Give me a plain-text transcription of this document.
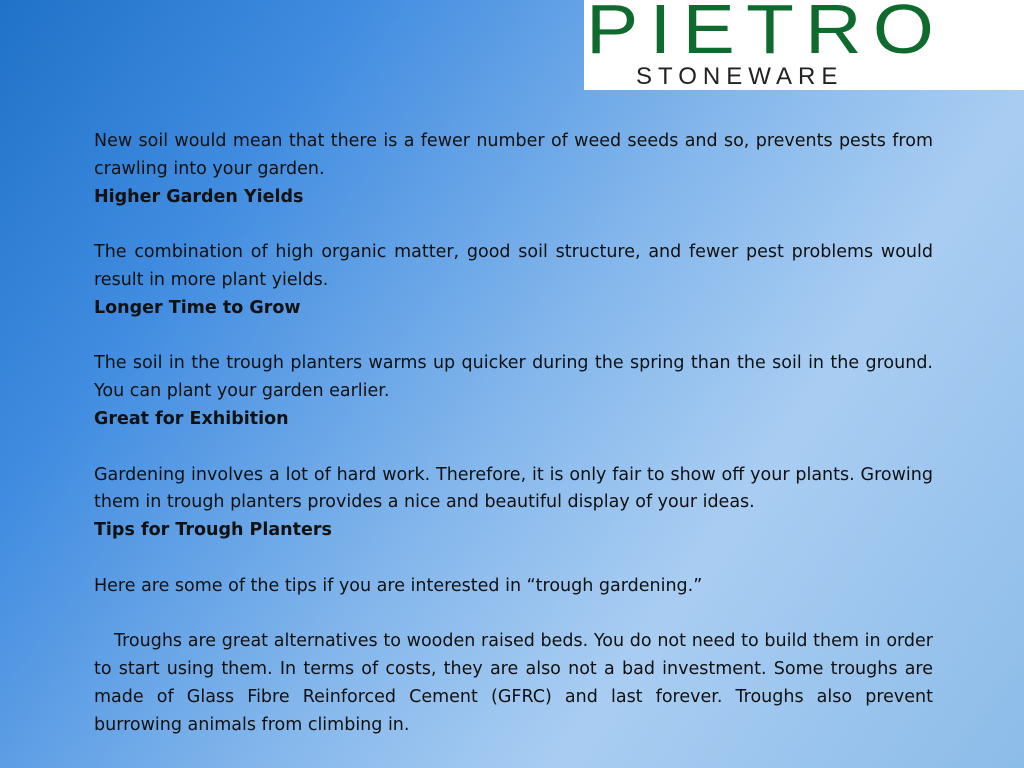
PIETRO
STONEWARE

New soil would mean that there is a fewer number of weed seeds and so, prevents pests from crawling into your garden.

Higher Garden Yields

The combination of high organic matter, good soil structure, and fewer pest problems would result in more plant yields.

Longer Time to Grow

The soil in the trough planters warms up quicker during the spring than the soil in the ground. You can plant your garden earlier.

Great for Exhibition

Gardening involves a lot of hard work. Therefore, it is only fair to show off your plants. Growing them in trough planters provides a nice and beautiful display of your ideas.

Tips for Trough Planters

Here are some of the tips if you are interested in “trough gardening.”

Troughs are great alternatives to wooden raised beds. You do not need to build them in order to start using them. In terms of costs, they are also not a bad investment. Some troughs are made of Glass Fibre Reinforced Cement (GFRC) and last forever. Troughs also prevent burrowing animals from climbing in.
